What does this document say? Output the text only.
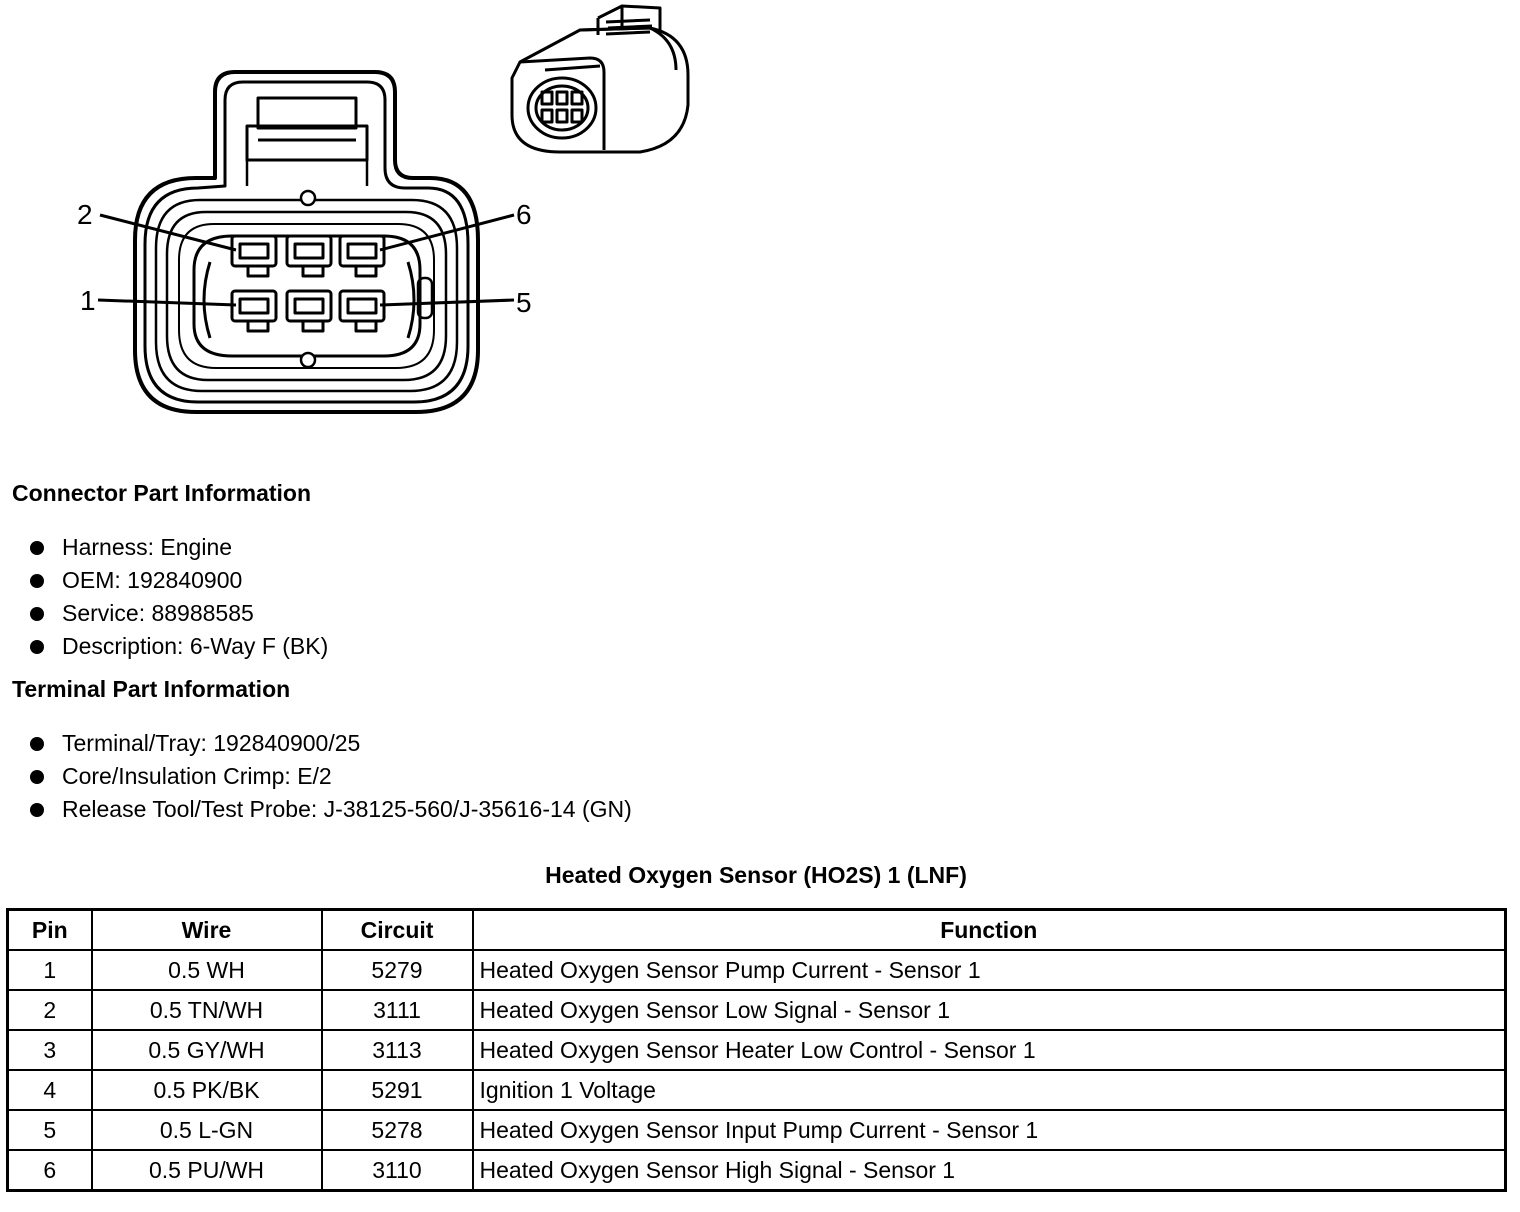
2	6
1	5
Connector Part Information
Harness: Engine
OEM: 192840900
Service: 88988585
Description: 6-Way F (BK)
Terminal Part Information
Terminal/Tray: 192840900/25
Core/Insulation Crimp: E/2
Release Tool/Test Probe: J-38125-560/J-35616-14 (GN)
Heated Oxygen Sensor (HO2S) 1 (LNF)
Pin	Wire	Circuit	Function
1	0.5 WH	5279	Heated Oxygen Sensor Pump Current - Sensor 1
2	0.5 TN/WH	3111	Heated Oxygen Sensor Low Signal - Sensor 1
3	0.5 GY/WH	3113	Heated Oxygen Sensor Heater Low Control - Sensor 1
4	0.5 PK/BK	5291	Ignition 1 Voltage
5	0.5 L-GN	5278	Heated Oxygen Sensor Input Pump Current - Sensor 1
6	0.5 PU/WH	3110	Heated Oxygen Sensor High Signal - Sensor 1
